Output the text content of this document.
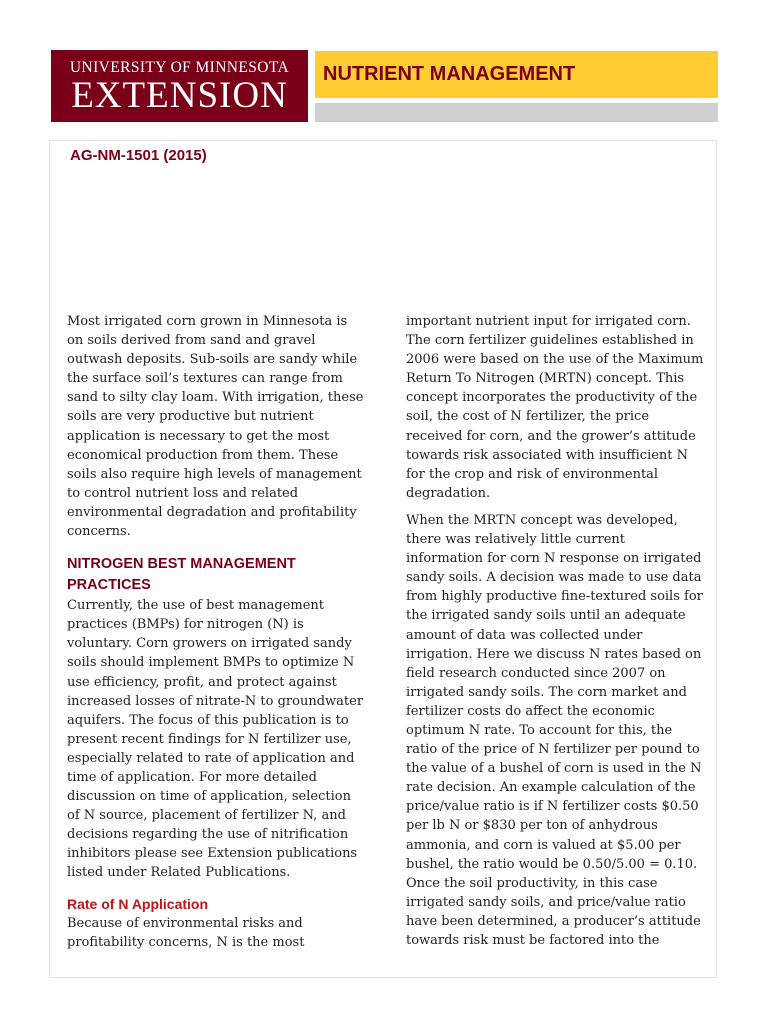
UNIVERSITY OF MINNESOTA
EXTENSION
NUTRIENT MANAGEMENT
AG-NM-1501 (2015)

Most irrigated corn grown in Minnesota is on soils derived from sand and gravel outwash deposits. Sub-soils are sandy while the surface soil’s textures can range from sand to silty clay loam. With irrigation, these soils are very productive but nutrient application is necessary to get the most economical production from them. These soils also require high levels of management to control nutrient loss and related environmental degradation and profitability concerns.

NITROGEN BEST MANAGEMENT PRACTICES

Currently, the use of best management practices (BMPs) for nitrogen (N) is voluntary. Corn growers on irrigated sandy soils should implement BMPs to optimize N use efficiency, profit, and protect against increased losses of nitrate-N to groundwater aquifers. The focus of this publication is to present recent findings for N fertilizer use, especially related to rate of application and time of application. For more detailed discussion on time of application, selection of N source, placement of fertilizer N, and decisions regarding the use of nitrification inhibitors please see Extension publications listed under Related Publications.

Rate of N Application

Because of environmental risks and profitability concerns, N is the most

important nutrient input for irrigated corn. The corn fertilizer guidelines established in 2006 were based on the use of the Maximum Return To Nitrogen (MRTN) concept. This concept incorporates the productivity of the soil, the cost of N fertilizer, the price received for corn, and the grower’s attitude towards risk associated with insufficient N for the crop and risk of environmental degradation.

When the MRTN concept was developed, there was relatively little current information for corn N response on irrigated sandy soils. A decision was made to use data from highly productive fine-textured soils for the irrigated sandy soils until an adequate amount of data was collected under irrigation. Here we discuss N rates based on field research conducted since 2007 on irrigated sandy soils. The corn market and fertilizer costs do affect the economic optimum N rate. To account for this, the ratio of the price of N fertilizer per pound to the value of a bushel of corn is used in the N rate decision. An example calculation of the price/value ratio is if N fertilizer costs $0.50 per lb N or $830 per ton of anhydrous ammonia, and corn is valued at $5.00 per bushel, the ratio would be 0.50/5.00 = 0.10. Once the soil productivity, in this case irrigated sandy soils, and price/value ratio have been determined, a producer’s attitude towards risk must be factored into the
